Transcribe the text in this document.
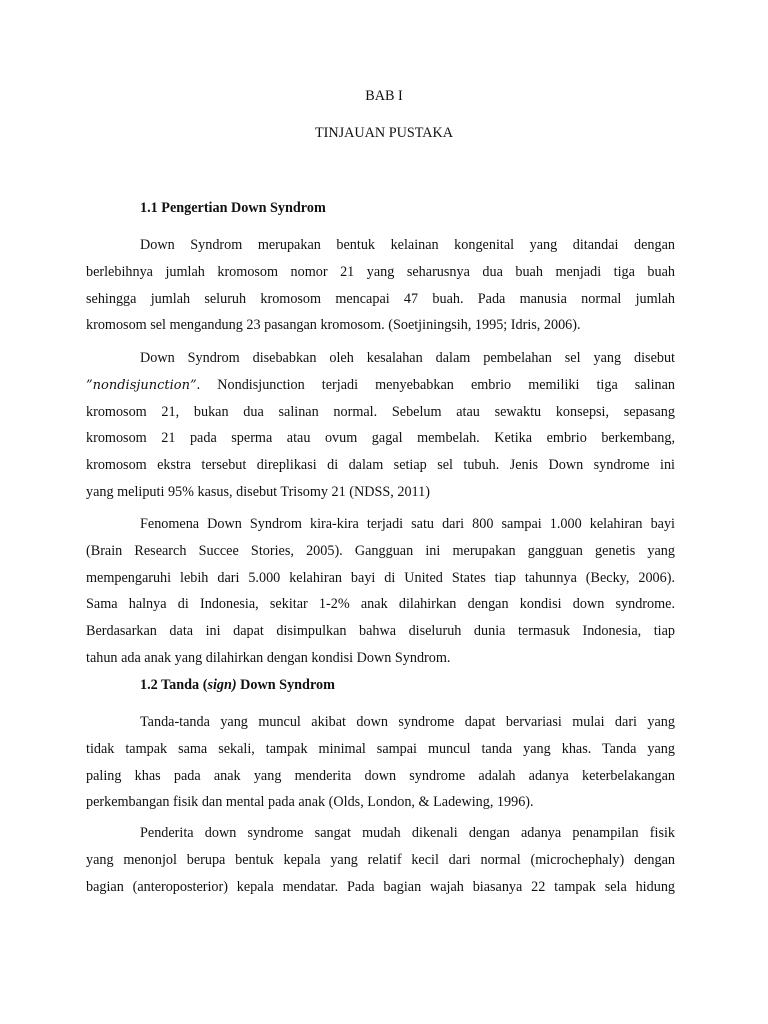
BAB I
TINJAUAN PUSTAKA
1.1 Pengertian Down Syndrom
Down Syndrom merupakan bentuk kelainan kongenital yang ditandai dengan
berlebihnya jumlah kromosom nomor 21 yang seharusnya dua buah menjadi tiga buah
sehingga jumlah seluruh kromosom mencapai 47 buah. Pada manusia normal jumlah
kromosom sel mengandung 23 pasangan kromosom. (Soetjiningsih, 1995; Idris, 2006).
Down Syndrom disebabkan oleh kesalahan dalam pembelahan sel yang disebut
”nondisjunction”. Nondisjunction terjadi menyebabkan embrio memiliki tiga salinan
kromosom 21, bukan dua salinan normal. Sebelum atau sewaktu konsepsi, sepasang
kromosom 21 pada sperma atau ovum gagal membelah. Ketika embrio berkembang,
kromosom ekstra tersebut direplikasi di dalam setiap sel tubuh. Jenis Down syndrome ini
yang meliputi 95% kasus, disebut Trisomy 21 (NDSS, 2011)
Fenomena Down Syndrom kira-kira terjadi satu dari 800 sampai 1.000 kelahiran bayi
(Brain Research Succee Stories, 2005). Gangguan ini merupakan gangguan genetis yang
mempengaruhi lebih dari 5.000 kelahiran bayi di United States tiap tahunnya (Becky, 2006).
Sama halnya di Indonesia, sekitar 1-2% anak dilahirkan dengan kondisi down syndrome.
Berdasarkan data ini dapat disimpulkan bahwa diseluruh dunia termasuk Indonesia, tiap
tahun ada anak yang dilahirkan dengan kondisi Down Syndrom.
1.2 Tanda (sign) Down Syndrom
Tanda-tanda yang muncul akibat down syndrome dapat bervariasi mulai dari yang
tidak tampak sama sekali, tampak minimal sampai muncul tanda yang khas. Tanda yang
paling khas pada anak yang menderita down syndrome adalah adanya keterbelakangan
perkembangan fisik dan mental pada anak (Olds, London, & Ladewing, 1996).
Penderita down syndrome sangat mudah dikenali dengan adanya penampilan fisik
yang menonjol berupa bentuk kepala yang relatif kecil dari normal (microchephaly) dengan
bagian (anteroposterior) kepala mendatar. Pada bagian wajah biasanya 22 tampak sela hidung
